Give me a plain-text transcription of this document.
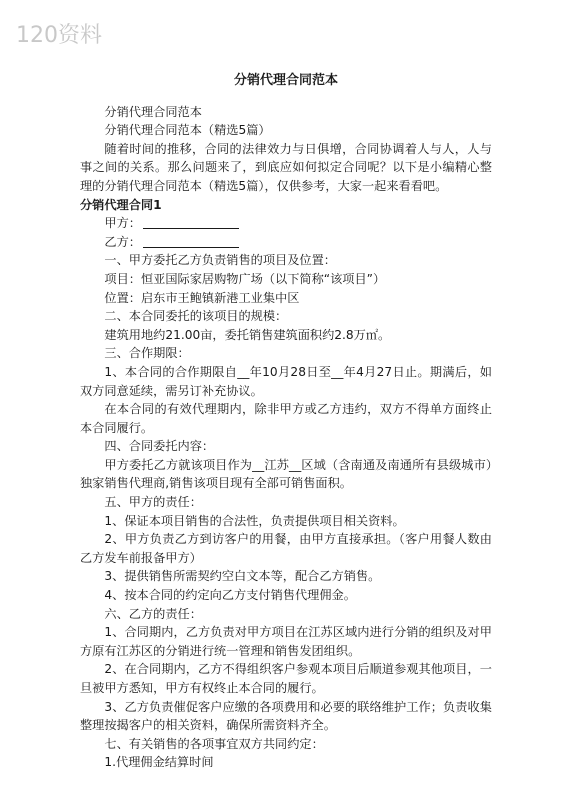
120资料
分销代理合同范本

分销代理合同范本

分销代理合同范本（精选5篇）

随着时间的推移，合同的法律效力与日俱增，合同协调着人与人，人与事之间的关系。那么问题来了，到底应如何拟定合同呢？以下是小编精心整理的分销代理合同范本（精选5篇），仅供参考，大家一起来看看吧。

分销代理合同1

甲方：

乙方：

一、甲方委托乙方负责销售的项目及位置：

项目：恒亚国际家居购物广场（以下简称“该项目”）

位置：启东市王鲍镇新港工业集中区

二、本合同委托的该项目的规模：

建筑用地约21.00亩，委托销售建筑面积约2.8万㎡。

三、合作期限：

1、本合同的合作期限自__年10月28日至__年4月27日止。期满后，如双方同意延续，需另订补充协议。

在本合同的有效代理期内，除非甲方或乙方违约，双方不得单方面终止本合同履行。

四、合同委托内容：

甲方委托乙方就该项目作为__江苏__区域（含南通及南通所有县级城市）独家销售代理商,销售该项目现有全部可销售面积。

五、甲方的责任：

1、保证本项目销售的合法性，负责提供项目相关资料。

2、甲方负责乙方到访客户的用餐，由甲方直接承担。（客户用餐人数由乙方发车前报备甲方）

3、提供销售所需契约空白文本等，配合乙方销售。

4、按本合同的约定向乙方支付销售代理佣金。

六、乙方的责任：

1、合同期内，乙方负责对甲方项目在江苏区域内进行分销的组织及对甲方原有江苏区的分销进行统一管理和销售发团组织。

2、在合同期内，乙方不得组织客户参观本项目后顺道参观其他项目，一旦被甲方悉知，甲方有权终止本合同的履行。

3、乙方负责催促客户应缴的各项费用和必要的联络维护工作；负责收集整理按揭客户的相关资料，确保所需资料齐全。

七、有关销售的各项事宜双方共同约定：

1.代理佣金结算时间
